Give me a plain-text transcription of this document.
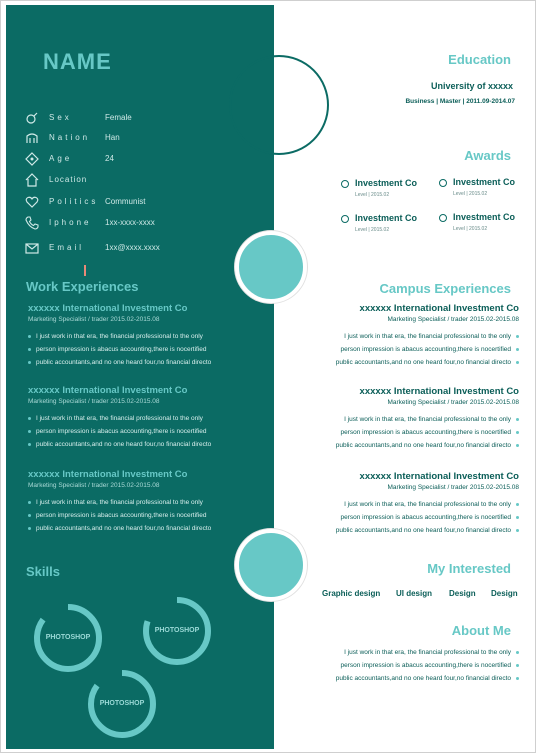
NAME
Sex	Female
Nation Han
Age	24
Location
Politics Communist
Iphone 1xx-xxxx-xxxx
Email	1xx@xxxx.xxxx
Work Experiences
xxxxxx International Investment Co
Marketing Specialist / trader 2015.02-2015.08
I just work in that era, the financial professional to the only
person impression is abacus accounting,there is nocertified
public accountants,and no one heard four,no financial directo
xxxxxx International Investment Co
Marketing Specialist / trader 2015.02-2015.08
I just work in that era, the financial professional to the only
person impression is abacus accounting,there is nocertified
public accountants,and no one heard four,no financial directo
xxxxxx International Investment Co
Marketing Specialist / trader 2015.02-2015.08
I just work in that era, the financial professional to the only
person impression is abacus accounting,there is nocertified
public accountants,and no one heard four,no financial directo
Skills
PHOTOSHOP
PHOTOSHOP
PHOTOSHOP
Education
University of xxxxx
Business | Master | 2011.09-2014.07
Awards
Investment Co
Level | 2015.02
Investment Co
Level | 2015.02
Investment Co
Level | 2015.02
Investment Co
Level | 2015.02
Campus Experiences
xxxxxx International Investment Co
Marketing Specialist / trader 2015.02-2015.08
I just work in that era, the financial professional to the only
person impression is abacus accounting,there is nocertified
public accountants,and no one heard four,no financial directo
xxxxxx International Investment Co
Marketing Specialist / trader 2015.02-2015.08
I just work in that era, the financial professional to the only
person impression is abacus accounting,there is nocertified
public accountants,and no one heard four,no financial directo
xxxxxx International Investment Co
Marketing Specialist / trader 2015.02-2015.08
I just work in that era, the financial professional to the only
person impression is abacus accounting,there is nocertified
public accountants,and no one heard four,no financial directo
My Interested
Graphic design UI design Design Design
About Me
I just work in that era, the financial professional to the only
person impression is abacus accounting,there is nocertified
public accountants,and no one heard four,no financial directo
